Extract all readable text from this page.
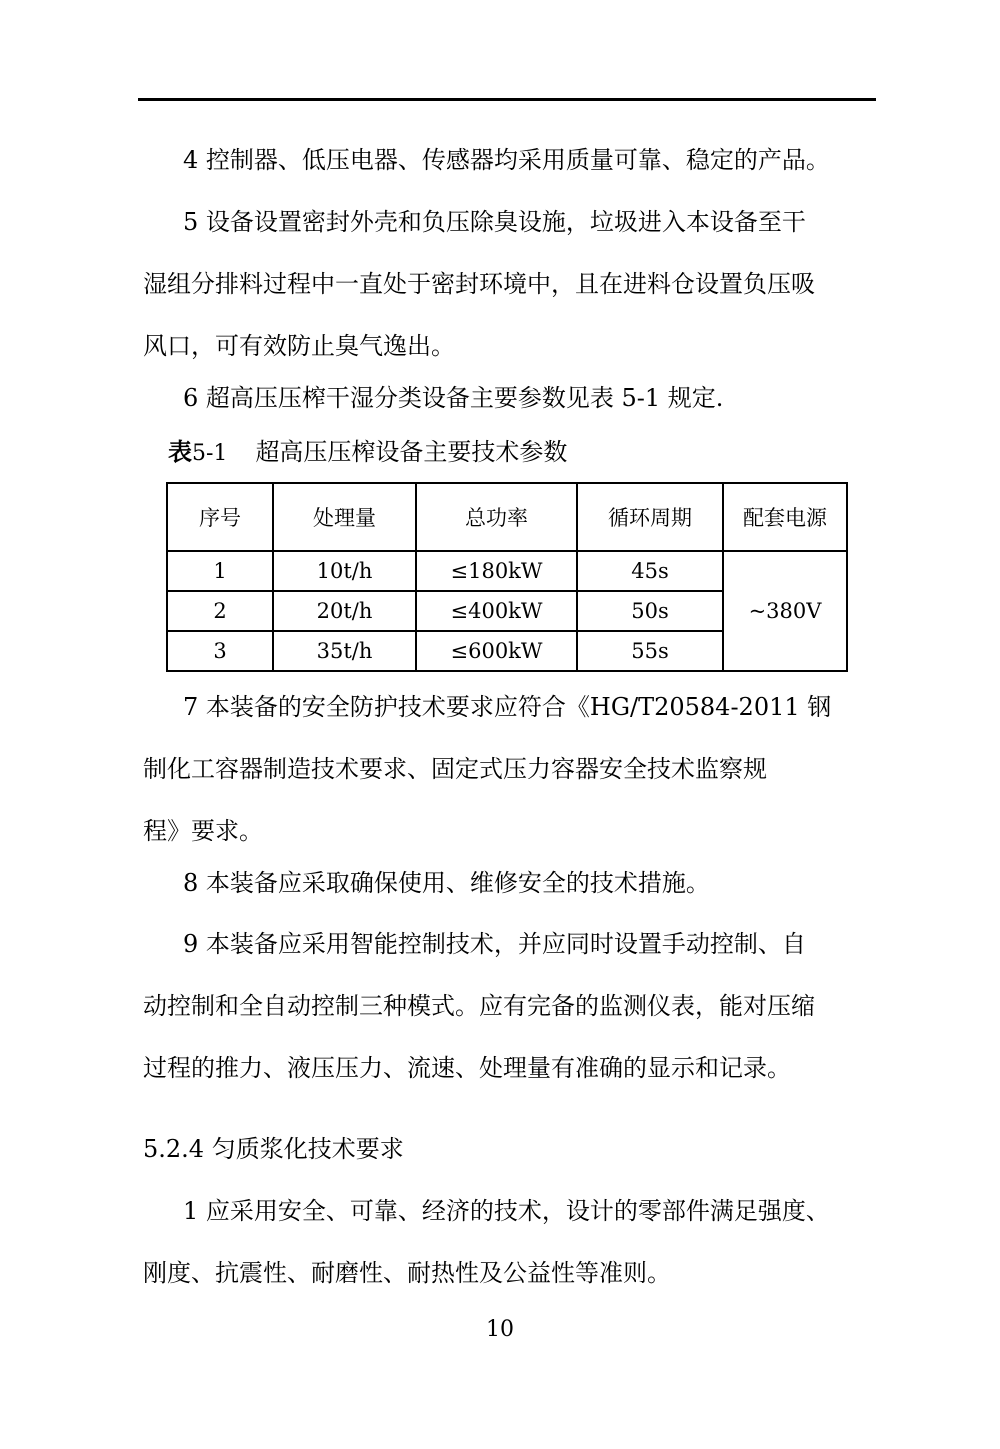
4 控制器、低压电器、传感器均采用质量可靠、稳定的产品。

5 设备设置密封外壳和负压除臭设施，垃圾进入本设备至干
湿组分排料过程中一直处于密封环境中，且在进料仓设置负压吸
风口，可有效防止臭气逸出。

6 超高压压榨干湿分类设备主要参数见表 5-1 规定.

表5-1 超高压压榨设备主要技术参数
序号	处理量	总功率	循环周期	配套电源
1	10t/h	≤180kW	45s	~380V
2	20t/h	≤400kW	50s	
3	35t/h	≤600kW	55s	

7 本装备的安全防护技术要求应符合《HG/T20584-2011 钢
制化工容器制造技术要求、固定式压力容器安全技术监察规
程》要求。

8 本装备应采取确保使用、维修安全的技术措施。

9 本装备应采用智能控制技术，并应同时设置手动控制、自
动控制和全自动控制三种模式。应有完备的监测仪表，能对压缩
过程的推力、液压压力、流速、处理量有准确的显示和记录。

5.2.4 匀质浆化技术要求

1 应采用安全、可靠、经济的技术，设计的零部件满足强度、
刚度、抗震性、耐磨性、耐热性及公益性等准则。

10
